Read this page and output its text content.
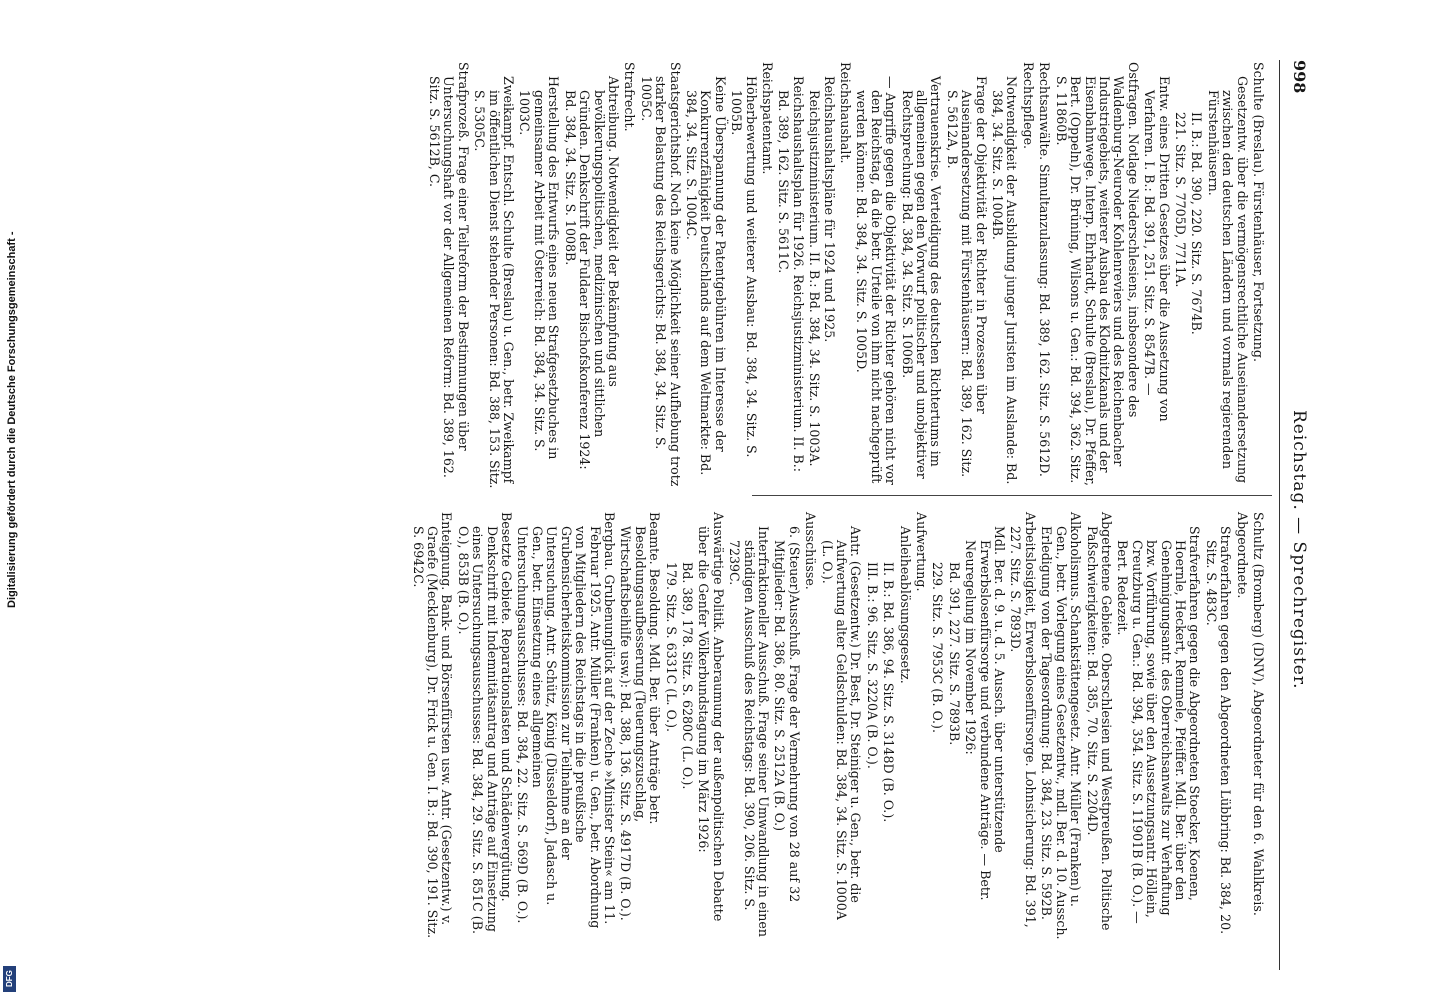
998
Reichstag. — Sprechregister.

Schulte (Breslau). Fürstenhäuser, Fortsetzung.

Gesetzentw. über die vermögensrechtliche Auseinandersetzung zwischen den deutschen Ländern und vormals regierenden Fürstenhäusern.

II. B.: Bd. 390, 220. Sitz. S. 7674B.

221. Sitz. S. 7705D, 7711A.

Entw. eines Dritten Gesetzes über die Aussetzung von Verfahren. I. B.: Bd. 391, 251. Sitz. S. 8547B. —

Ostfragen. Notlage Niederschlesiens, insbesondere des Waldenburg-Neuroder Kohlenreviers und des Reichenbacher Industriegebiets, weiterer Ausbau des Klodnitzkanals und der Eisenbahnwege. Interp. Ehrhardt, Schulte (Breslau), Dr. Pfeffer, Bert. (Oppeln), Dr. Brüning, Wilsons u. Gen.: Bd. 394, 362. Sitz. S. 11860B.

Rechtsanwälte. Simultanzulassung: Bd. 389, 162. Sitz. S. 5612D.

Rechtspflege.

Notwendigkeit der Ausbildung junger Juristen im Auslande: Bd. 384, 34. Sitz. S. 1004B.

Frage der Objektivität der Richter in Prozessen über Auseinandersetzung mit Fürstenhäusern: Bd. 389, 162. Sitz. S. 5612A, B.

Vertrauenskrise. Verteidigung des deutschen Richtertums im allgemeinen gegen den Vorwurf politischer und unobjektiver Rechtsprechung: Bd. 384, 34. Sitz. S. 1006B.

— Angriffe gegen die Objektivität der Richter gehören nicht vor den Reichstag, da die betr. Urteile von ihm nicht nachgeprüft werden können: Bd. 384, 34. Sitz. S. 1005D.

Reichshaushalt.

Reichshaushaltspläne für 1924 und 1925. Reichsjustizministerium. II. B.: Bd. 384, 34. Sitz. S. 1003A.

Reichshaushaltsplan für 1926. Reichsjustizministerium. II. B.: Bd. 389, 162. Sitz. S. 5611C.

Reichspatentamt.

Höherbewertung und weiterer Ausbau: Bd. 384, 34. Sitz. S. 1005B.

Keine Überspannung der Patentgebühren im Interesse der Konkurrenzfähigkeit Deutschlands auf dem Weltmarkte: Bd. 384, 34. Sitz. S. 1004C.

Staatsgerichtshof. Noch keine Möglichkeit seiner Aufhebung trotz starker Belastung des Reichsgerichts: Bd. 384, 34. Sitz. S. 1005C.

Strafrecht.

Abtreibung. Notwendigkeit der Bekämpfung aus bevölkerungspolitischen, medizinischen und sittlichen Gründen. Denkschrift der Fuldaer Bischofskonferenz 1924: Bd. 384, 34. Sitz. S. 1008B.

Herstellung des Entwurfs eines neuen Strafgesetzbuches in gemeinsamer Arbeit mit Österreich: Bd. 384, 34. Sitz. S. 1003C.

Zweikampf. Entschl. Schulte (Breslau) u. Gen., betr. Zweikampf im öffentlichen Dienst stehender Personen: Bd. 388, 153. Sitz. S. 5305C.

Strafprozeß. Frage einer Teilreform der Bestimmungen über Untersuchungshaft vor der Allgemeinen Reform: Bd. 389, 162. Sitz. S. 5612B, C.

Schultz (Bromberg) (DNV), Abgeordneter für den 6. Wahlkreis.

Abgeordnete.

Strafverfahren gegen den Abgeordneten Lübbring: Bd. 384, 20. Sitz. S. 483C.

Strafverfahren gegen die Abgeordneten Stoecker, Koenen, Hoernle, Heckert, Remmele, Pfeiffer. Mdl. Ber. über den Genehmigungsantr. des Oberreichsanwalts zur Verhaftung bzw. Vorführung, sowie über den Aussetzungsantr. Höllein, Creutzburg u. Gen.: Bd. 394, 354. Sitz. S. 11901B (B. O.). — Bert. Redezeit.

Abgetretene Gebiete. Oberschlesien und Westpreußen. Politische Paßschwierigkeiten: Bd. 385, 70. Sitz. S. 2204D.

Alkoholismus. Schankstättengesetz. Antr. Müller (Franken) u. Gen., betr. Vorlegung eines Gesetzentw., mdl. Ber. d. 10. Aussch. Erledigung von der Tagesordnung: Bd. 384, 23. Sitz. S. 592B.

Arbeitslosigkeit, Erwerbslosenfürsorge. Lohnsicherung: Bd. 391, 227. Sitz. S. 7893D.

Mdl. Ber. d. 9. u. d. 5. Aussch. über unterstützende Erwerbslosenfürsorge und verbundene Anträge. — Betr. Neuregelung im November 1926:

Bd. 391, 227. Sitz. S. 7893B.

229. Sitz. S. 7953C (B. O.).

Aufwertung.

Anleiheablösungsgesetz.

II. B.: Bd. 386, 94. Sitz. S. 3148D (B. O.).

III. B.: 96. Sitz. S. 3220A (B. O.).

Antr. (Gesetzentw.) Dr. Best, Dr. Steiniger u. Gen., betr. die Aufwertung alter Geldschulden: Bd. 384, 34. Sitz. S. 1000A (L. O.).

Ausschüsse.

6. (Steuer)Ausschuß. Frage der Vermehrung von 28 auf 32 Mitglieder: Bd. 386, 80. Sitz. S. 2512A (B. O.)

Interfraktioneller Ausschuß. Frage seiner Umwandlung in einen ständigen Ausschuß des Reichstags: Bd. 390, 206. Sitz. S. 7239C.

Auswärtige Politik. Anberaumung der außenpolitischen Debatte über die Genfer Völkerbundstagung im März 1926:

Bd. 389, 178. Sitz. S. 6280C (L. O.).

179. Sitz. S. 6331C (L. O.).

Beamte. Besoldung. Mdl. Ber. über Anträge betr. Besoldungsaufbesserung (Teuerungszuschlag, Wirtschaftsbeihilfe usw.): Bd. 388, 136. Sitz. S. 4917D (B. O.).

Bergbau. Grubenunglück auf der Zeche »Minister Stein« am 11. Februar 1925. Antr. Müller (Franken) u. Gen., betr. Abordnung von Mitgliedern des Reichstags in die preußische Grubensicherheitskommission zur Teilnahme an der Untersuchung. Antr. Schütz, König (Düsseldorf), Jadasch u. Gen., betr. Einsetzung eines allgemeinen Untersuchungsausschusses: Bd. 384, 22. Sitz. S. 569D (B. O.).

Besetzte Gebiete. Reparationslasten und Schädenvergütung. Denkschrift mit Indemnitätsantrag und Anträge auf Einsetzung eines Untersuchungsausschusses: Bd. 384, 29. Sitz. S. 851C (B. O.), 853B (B. O.).

Enteignung. Bank- und Börsenfürsten usw. Antr. (Gesetzentw.) v. Graefe (Mecklenburg), Dr. Frick u. Gen. I. B.: Bd. 390, 191. Sitz. S. 6942C.

Digitalisierung gefördert durch die Deutsche Forschungsgemeinschaft -
DFG
